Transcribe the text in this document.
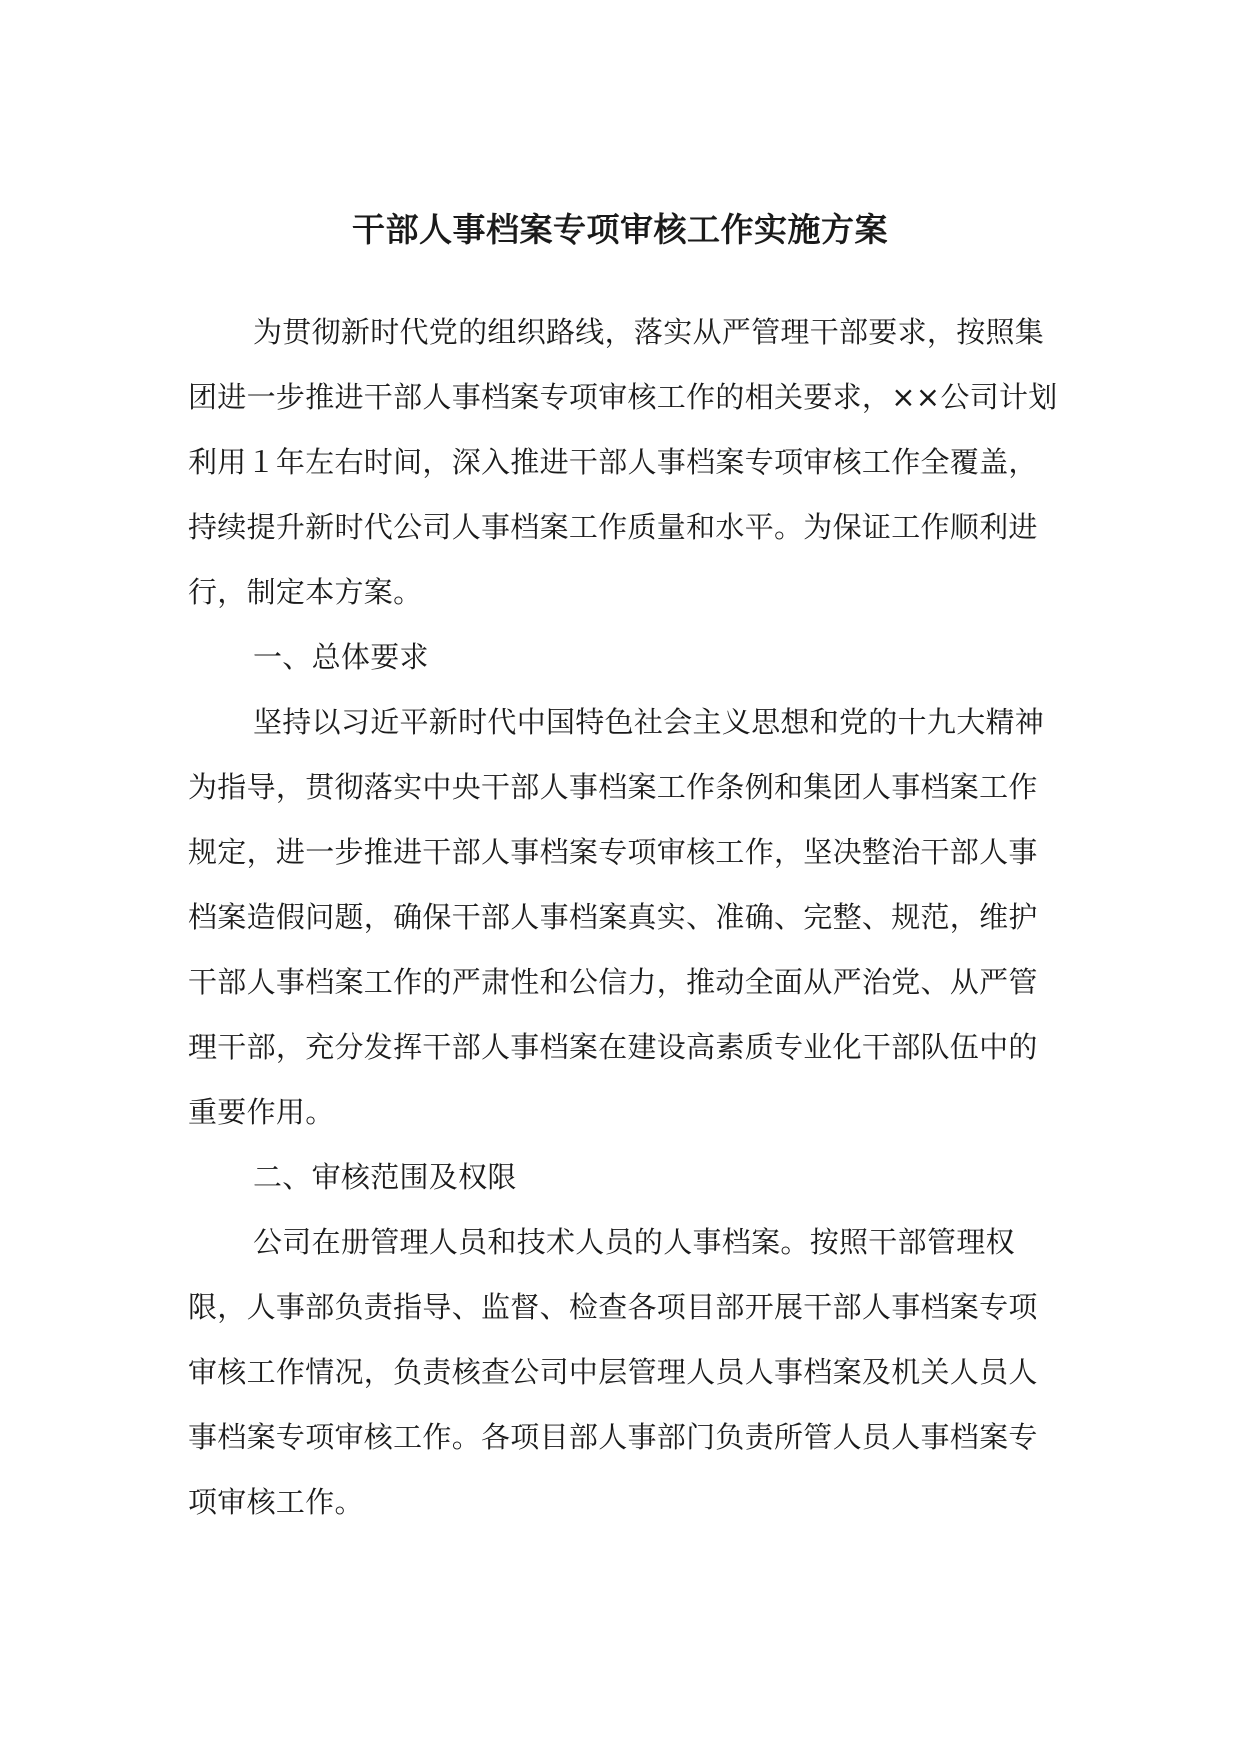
干部人事档案专项审核工作实施方案

为贯彻新时代党的组织路线，落实从严管理干部要求，按照集团进一步推进干部人事档案专项审核工作的相关要求，××公司计划利用１年左右时间，深入推进干部人事档案专项审核工作全覆盖，持续提升新时代公司人事档案工作质量和水平。为保证工作顺利进行，制定本方案。

一、总体要求

坚持以习近平新时代中国特色社会主义思想和党的十九大精神为指导，贯彻落实中央干部人事档案工作条例和集团人事档案工作规定，进一步推进干部人事档案专项审核工作，坚决整治干部人事档案造假问题，确保干部人事档案真实、准确、完整、规范，维护干部人事档案工作的严肃性和公信力，推动全面从严治党、从严管理干部，充分发挥干部人事档案在建设高素质专业化干部队伍中的重要作用。

二、审核范围及权限

公司在册管理人员和技术人员的人事档案。按照干部管理权限，人事部负责指导、监督、检查各项目部开展干部人事档案专项审核工作情况，负责核查公司中层管理人员人事档案及机关人员人事档案专项审核工作。各项目部人事部门负责所管人员人事档案专项审核工作。
